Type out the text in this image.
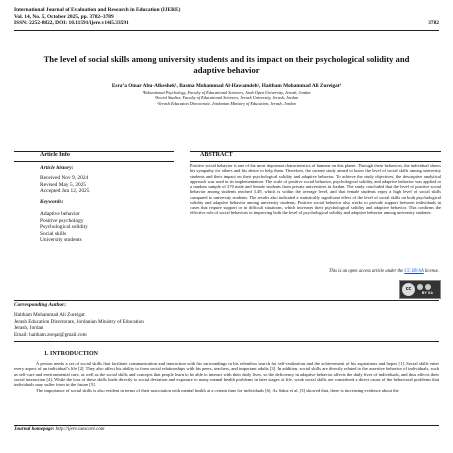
International Journal of Evaluation and Research in Education (IJERE)
Vol. 14, No. 5, October 2025, pp. 3782~3789
ISSN: 2252-8822, DOI: 10.11591/ijere.v14i5.33591	3782
The level of social skills among university students and its impact on their psychological solidity and adaptive behavior
Esra’a Omar Abu-Alkeshek¹, Basma Mohammad Al-Hawamdeh², Haitham Mohammad Ali Zureigat³
¹Educational Psychology, Faculty of Educational Sciences, Arab Open University, Jerash, Jordan
²Social Studies, Faculty of Educational Sciences, Jerash University, Jerash, Jordan
³Jerash Education Directorate, Jordanian Ministry of Education, Jerash, Jordan
Article Info	ABSTRACT
Article history:
Received Nov 9, 2024
Revised May 5, 2025
Accepted Jun 12, 2025
Keywords:
Adaptive behavior
Positive psychology
Psychological solidity
Social skills
University students
Positive social behavior is one of the most important characteristics of humans on this planet. Through these behaviors, the individual shows his sympathy for others and his desire to help them. Therefore, the current study aimed to know the level of social skills among university students and their impact on their psychological solidity and adaptive behavior. To achieve the study objectives, the descriptive analytical approach was used in its implementation. The scale of positive social behavior, psychological solidity, and adaptive behavior was applied to a random sample of 370 male and female students from private universities in Jordan. The study concluded that the level of positive social behavior among students reached 3.49, which is within the average level, and that female students enjoy a high level of social skills compared to university students. The results also indicated a statistically significant effect of the level of social skills on both psychological solidity and adaptive behavior among university students. Positive social behavior also works to provide support between individuals in cases that require support or in difficult situations, which increases their psychological solidity and adaptive behavior. This confirms the effective role of social behaviors in improving both the level of psychological solidity and adaptive behavior among university students.
This is an open access article under the CC BY-SA license.
cc
BY SA
Corresponding Author:
Haitham Mohammad Ali Zureigat
Jerash Education Directorate, Jordanian Ministry of Education
Jerash, Jordan
Email: haitham.zreqat@gmail.com
1. INTRODUCTION

A person needs a set of social skills that facilitate communication and interaction with his surroundings in his relentless search for self-realization and the achievement of his aspirations and hopes [1]. Social skills enter every aspect of an individual’s life [2]. They also affect his ability to form social relationships with his peers, teachers, and important adults [3]. In addition, social skills are directly related to the assertive behavior of individuals, such as self-care and environmental care, as well as the social skills and concepts that people learn to be able to interact with their daily lives, so the deficiency in adaptive behavior affects the daily lives of individuals, and thus affects their social interaction [4]. While the loss of these skills leads directly to social deviation and exposure to many mental health problems in later stages of life, weak social skills are considered a direct cause of the behavioral problems that individuals may suffer from in the future [5].

The importance of social skills is also evident in terms of their association with mental health at a certain time for individuals [6]. As Sakız et al. [3] showed that, there is increasing evidence about the

Journal homepage: http://ijere.iaescore.com
